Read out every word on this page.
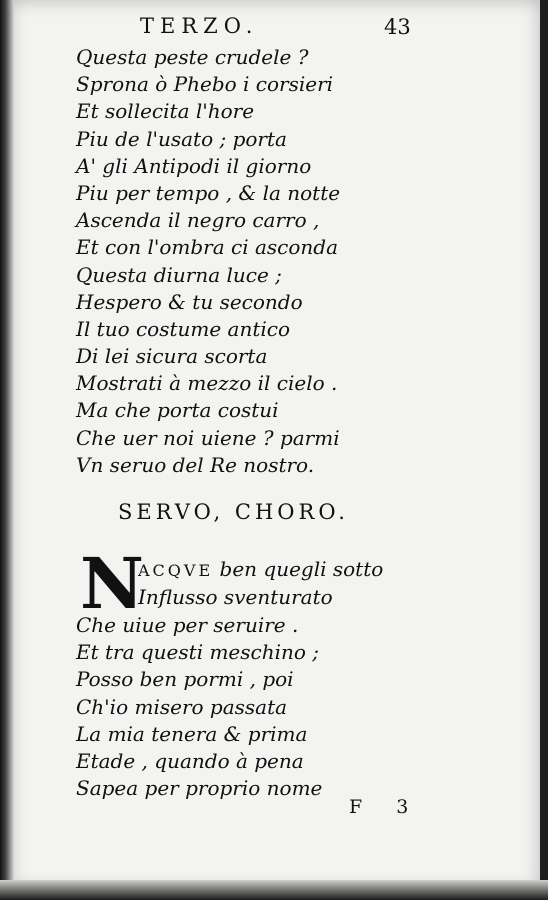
TERZO.	43
Questa peste crudele ?
Sprona ò Phebo i corsieri
Et sollecita l'hore
Piu de l'usato ; porta
A' gli Antipodi il giorno
Piu per tempo , & la notte
Ascenda il negro carro ,
Et con l'ombra ci asconda
Questa diurna luce ;
Hespero & tu secondo
Il tuo costume antico
Di lei sicura scorta
Mostrati à mezzo il cielo .
Ma che porta costui
Che uer noi uiene ? parmi
Vn seruo del Re nostro.
SERVO, CHORO.
N
ACQVE ben quegli sotto
Influsso sventurato
Che uiue per seruire .
Et tra questi meschino ;
Posso ben pormi , poi
Ch'io misero passata
La mia tenera & prima
Etade , quando à pena
Sapea per proprio nome
F 3
